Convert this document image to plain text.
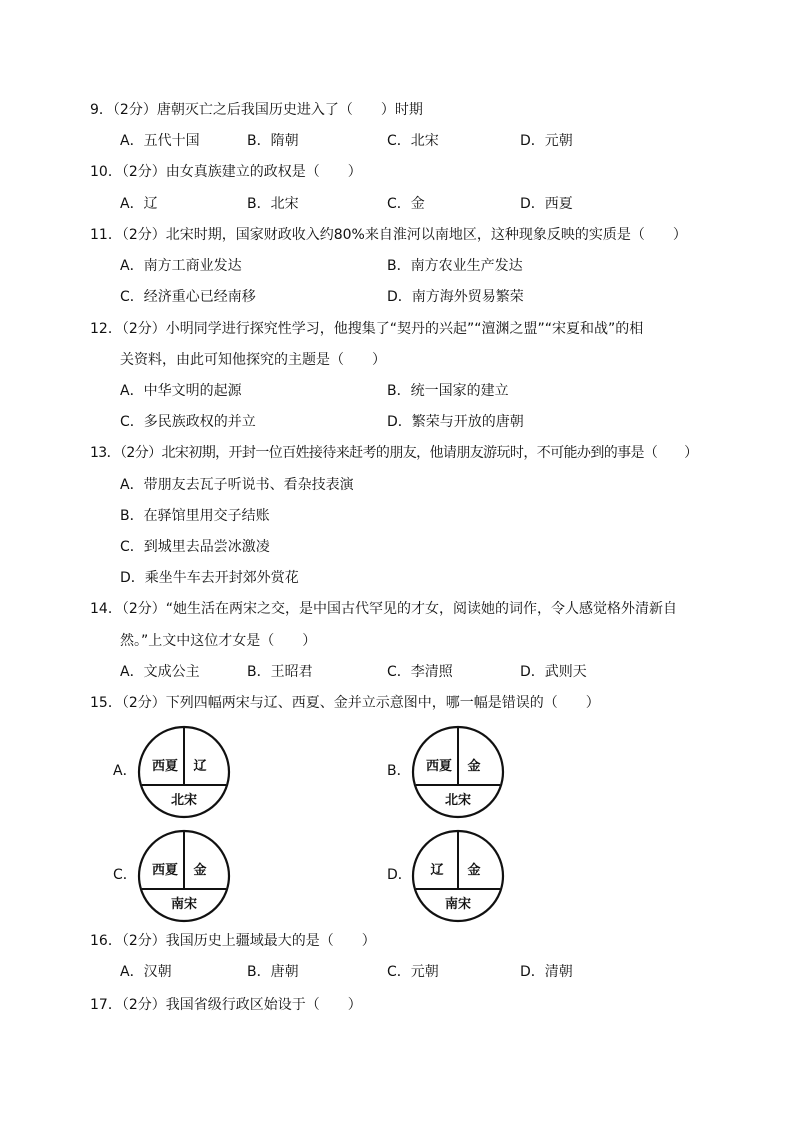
9．（2分）唐朝灭亡之后我国历史进入了（　　）时期
A．五代十国	B．隋朝	C．北宋	D．元朝
10．（2分）由女真族建立的政权是（　　）
A．辽	B．北宋	C．金	D．西夏
11．（2分）北宋时期，国家财政收入约80%来自淮河以南地区，这种现象反映的实质是（　　）
A．南方工商业发达	B．南方农业生产发达
C．经济重心已经南移	D．南方海外贸易繁荣
12．（2分）小明同学进行探究性学习，他搜集了“契丹的兴起”“澶渊之盟”“宋夏和战”的相
关资料，由此可知他探究的主题是（　　）
A．中华文明的起源	B．统一国家的建立
C．多民族政权的并立	D．繁荣与开放的唐朝
13．（2分）北宋初期，开封一位百姓接待来赶考的朋友，他请朋友游玩时，不可能办到的事是（　　）
A．带朋友去瓦子听说书、看杂技表演
B．在驿馆里用交子结账
C．到城里去品尝冰激凌
D．乘坐牛车去开封郊外赏花
14．（2分）“她生活在两宋之交，是中国古代罕见的才女，阅读她的词作，令人感觉格外清新自
然。”上文中这位才女是（　　）
A．文成公主	B．王昭君	C．李清照	D．武则天
15．（2分）下列四幅两宋与辽、西夏、金并立示意图中，哪一幅是错误的（　　）
A． 西夏 辽
北宋
B． 西夏 金
北宋
C． 西夏 金
南宋
D． 辽 金
南宋
16．（2分）我国历史上疆域最大的是（　　）
A．汉朝	B．唐朝	C．元朝	D．清朝
17．（2分）我国省级行政区始设于（　　）
